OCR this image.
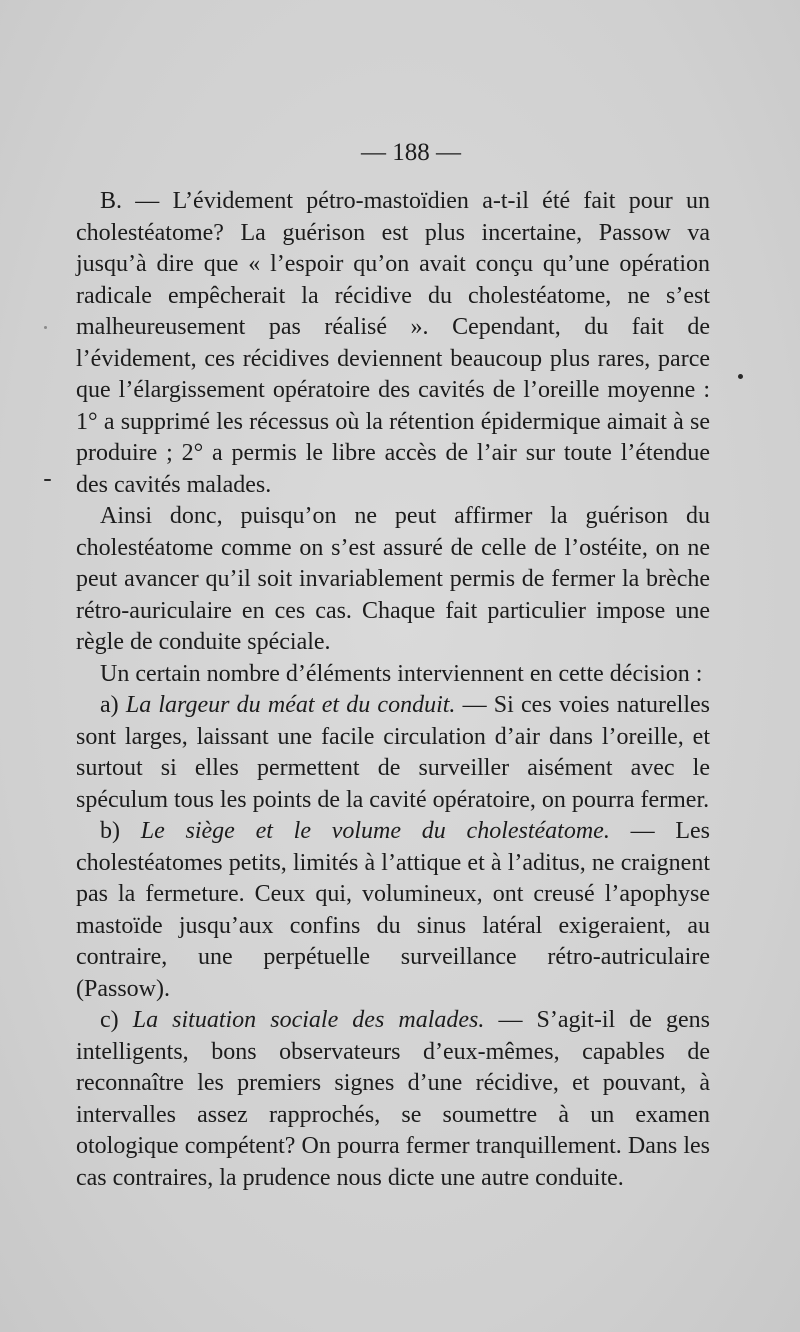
— 188 —

B. — L’évidement pétro-mastoïdien a-t-il été fait pour un cholestéatome? La guérison est plus incertaine, Passow va jusqu’à dire que « l’espoir qu’on avait conçu qu’une opération radicale empêcherait la récidive du cholestéatome, ne s’est malheureusement pas réalisé ». Cependant, du fait de l’évidement, ces récidives deviennent beaucoup plus rares, parce que l’élargissement opératoire des cavités de l’oreille moyenne : 1° a supprimé les récessus où la rétention épidermique aimait à se produire ; 2° a permis le libre accès de l’air sur toute l’étendue des cavités malades.

Ainsi donc, puisqu’on ne peut affirmer la guérison du cholestéatome comme on s’est assuré de celle de l’ostéite, on ne peut avancer qu’il soit invariablement permis de fermer la brèche rétro-auriculaire en ces cas. Chaque fait particulier impose une règle de conduite spéciale.

Un certain nombre d’éléments interviennent en cette décision :

a) La largeur du méat et du conduit. — Si ces voies naturelles sont larges, laissant une facile circulation d’air dans l’oreille, et surtout si elles permettent de surveiller aisément avec le spéculum tous les points de la cavité opératoire, on pourra fermer.

b) Le siège et le volume du cholestéatome. — Les cholestéatomes petits, limités à l’attique et à l’aditus, ne craignent pas la fermeture. Ceux qui, volumineux, ont creusé l’apophyse mastoïde jusqu’aux confins du sinus latéral exigeraient, au contraire, une perpétuelle surveillance rétro-autriculaire (Passow).

c) La situation sociale des malades. — S’agit-il de gens intelligents, bons observateurs d’eux-mêmes, capables de reconnaître les premiers signes d’une récidive, et pouvant, à intervalles assez rapprochés, se soumettre à un examen otologique compétent? On pourra fermer tranquillement. Dans les cas contraires, la prudence nous dicte une autre conduite.
